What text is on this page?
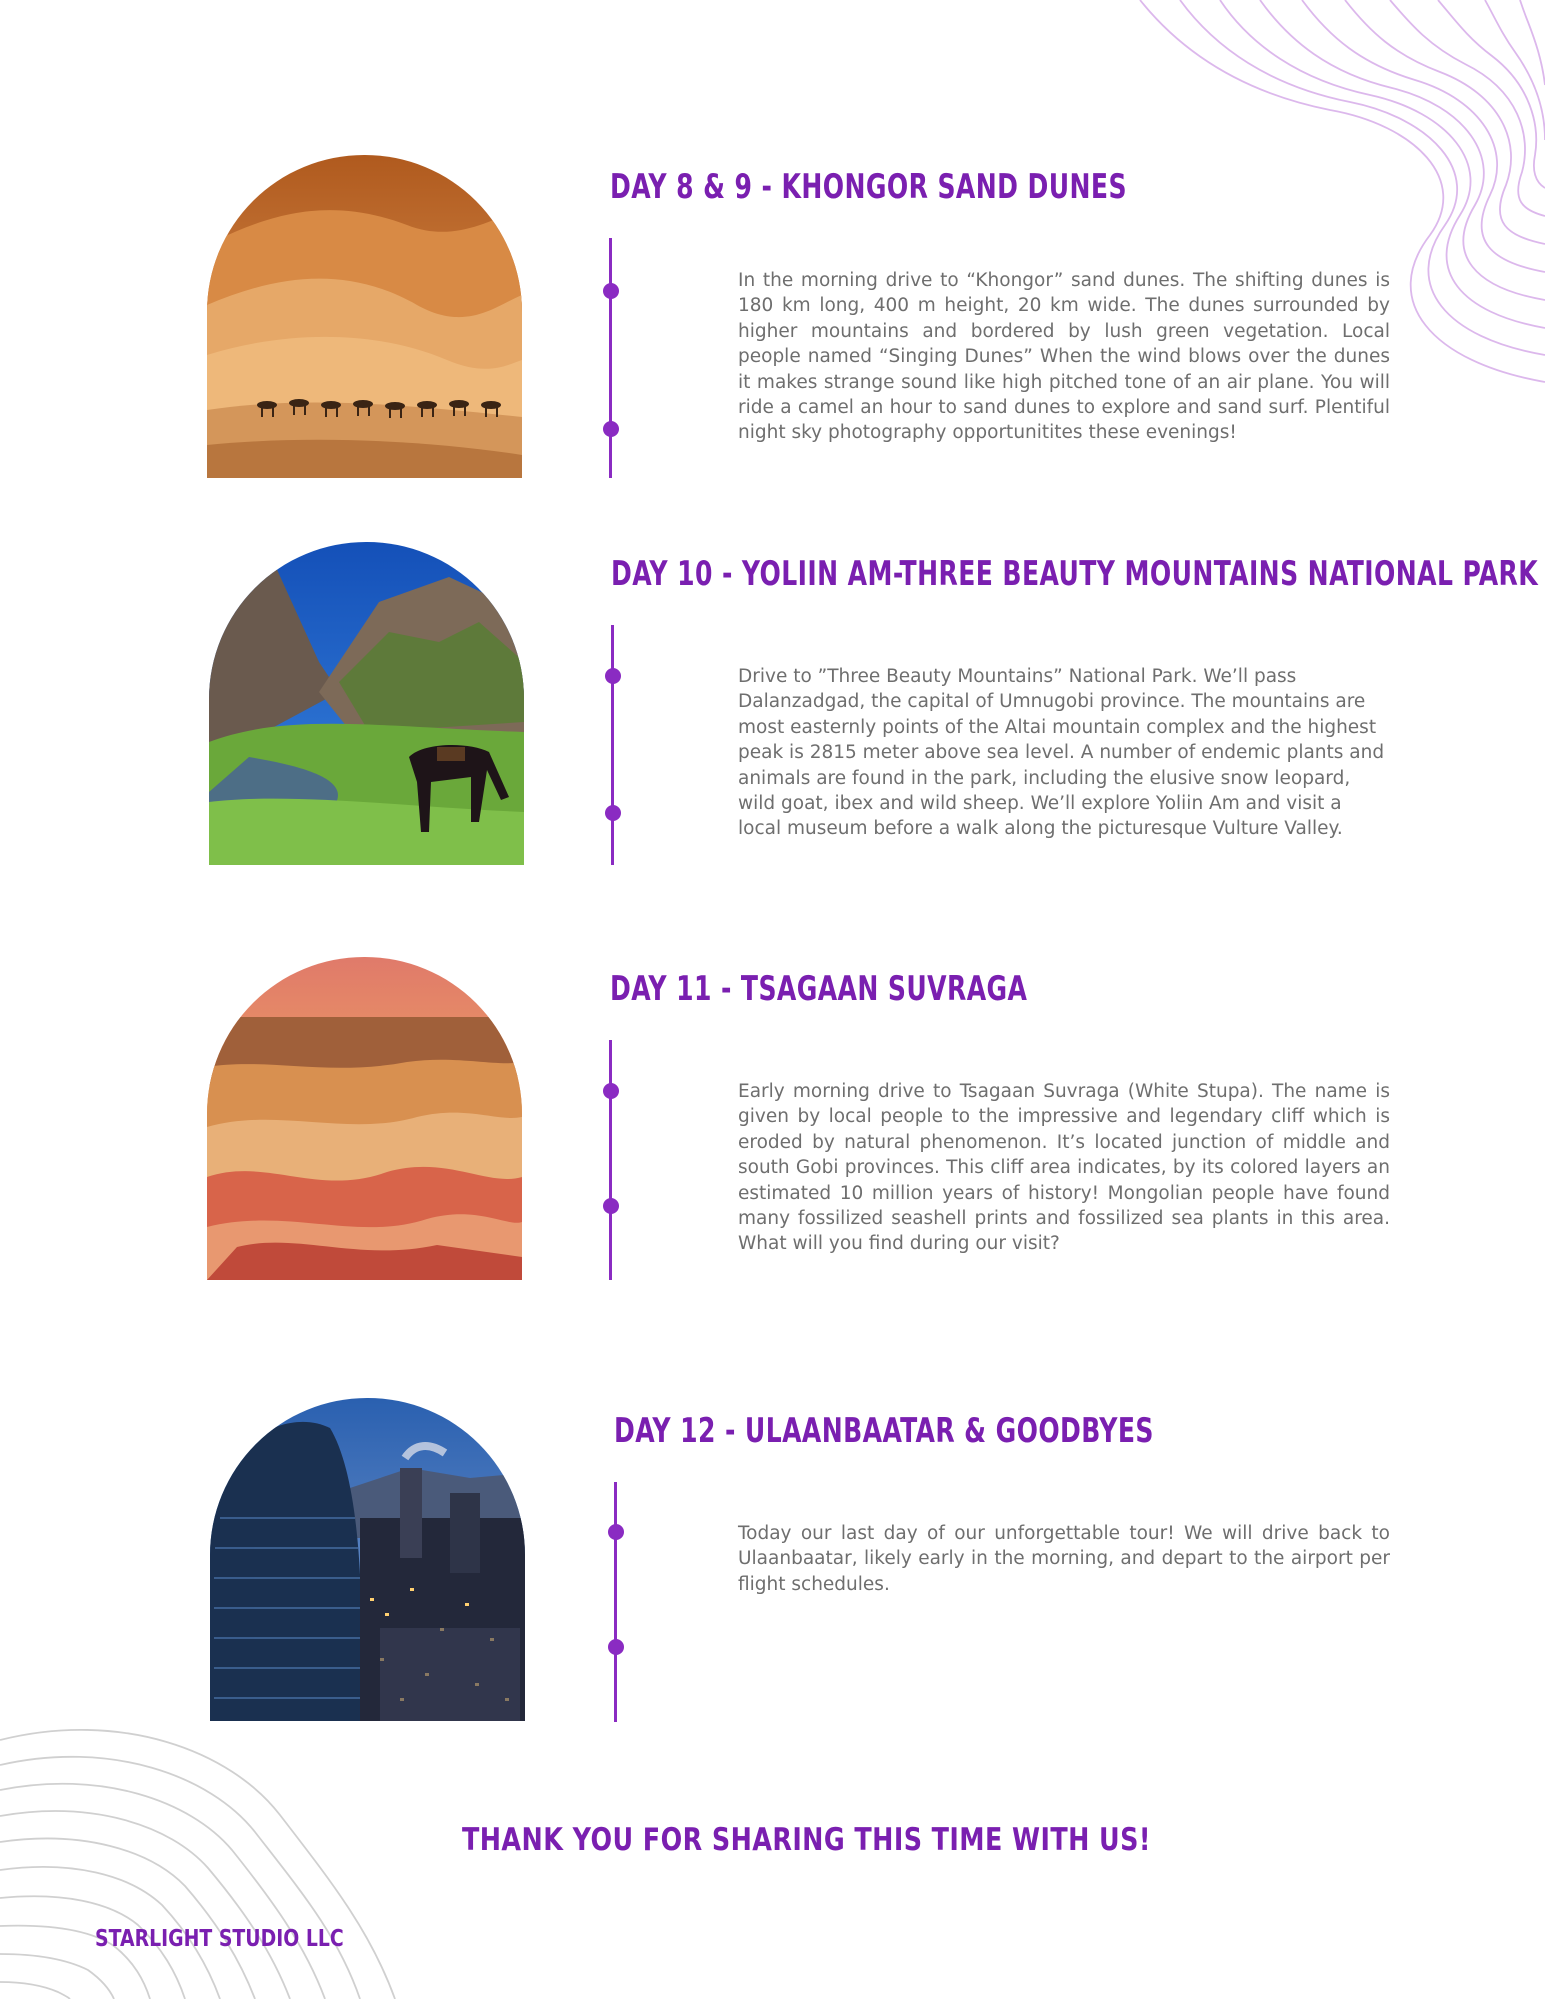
DAY 8 & 9 - KHONGOR SAND DUNES

In the morning drive to “Khongor” sand dunes. The shifting dunes is 180 km long, 400 m height, 20 km wide. The dunes surrounded by higher mountains and bordered by lush green vegetation. Local people named “Singing Dunes” When the wind blows over the dunes it makes strange sound like high pitched tone of an air plane. You will ride a camel an hour to sand dunes to explore and sand surf. Plentiful night sky photography opportunitites these evenings!

DAY 10 - YOLIIN AM-THREE BEAUTY MOUNTAINS NATIONAL PARK

Drive to ”Three Beauty Mountains” National Park. We’ll pass Dalanzadgad, the capital of Umnugobi province. The mountains are most easternly points of the Altai mountain complex and the highest peak is 2815 meter above sea level. A number of endemic plants and animals are found in the park, including the elusive snow leopard, wild goat, ibex and wild sheep. We’ll explore Yoliin Am and visit a local museum before a walk along the picturesque Vulture Valley.

DAY 11 - TSAGAAN SUVRAGA

Early morning drive to Tsagaan Suvraga (White Stupa). The name is given by local people to the impressive and legendary cliff which is eroded by natural phenomenon. It’s located junction of middle and south Gobi provinces. This cliff area indicates, by its colored layers an estimated 10 million years of history! Mongolian people have found many fossilized seashell prints and fossilized sea plants in this area. What will you find during our visit?

DAY 12 - ULAANBAATAR & GOODBYES

Today our last day of our unforgettable tour! We will drive back to Ulaanbaatar, likely early in the morning, and depart to the airport per flight schedules.

THANK YOU FOR SHARING THIS TIME WITH US!

STARLIGHT STUDIO LLC
